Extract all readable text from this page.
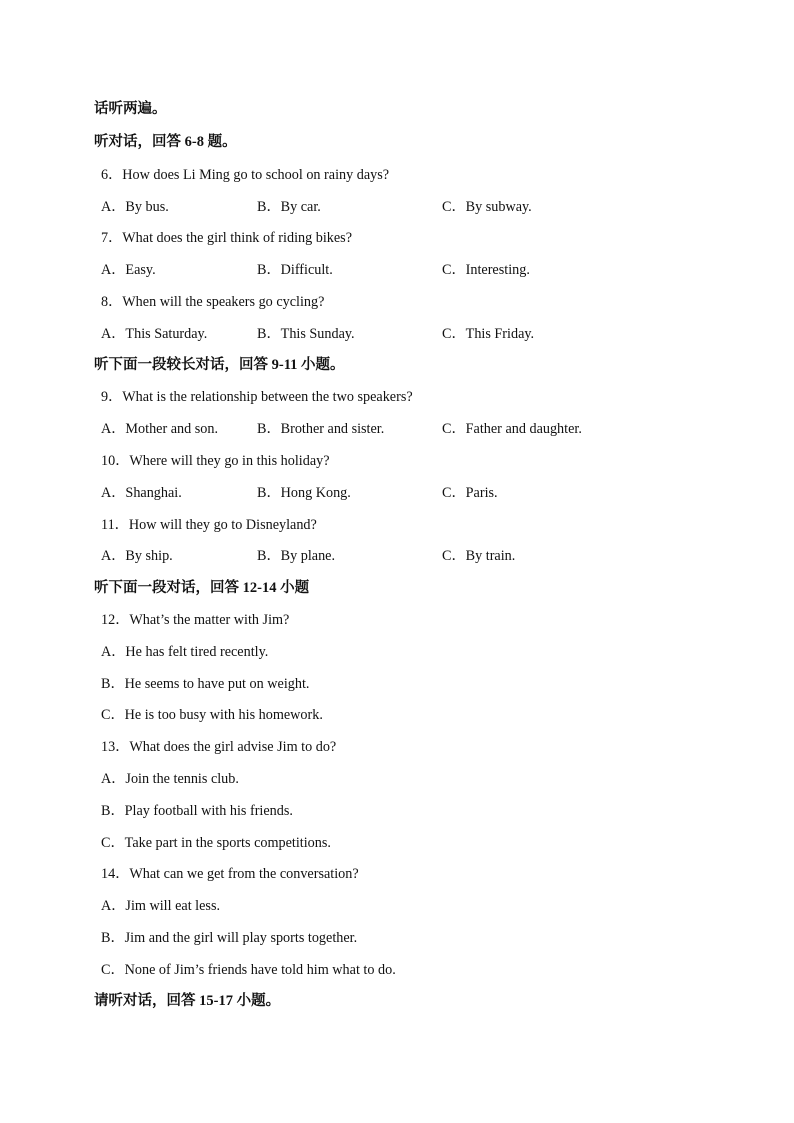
话听两遍。
听对话，回答 6-8 题。
6．How does Li Ming go to school on rainy days?
A．By bus.	B．By car.	C．By subway.
7．What does the girl think of riding bikes?
A．Easy.	B．Difficult.	C．Interesting.
8．When will the speakers go cycling?
A．This Saturday.	B．This Sunday.	C．This Friday.
听下面一段较长对话，回答 9-11 小题。
9．What is the relationship between the two speakers?
A．Mother and son.	B．Brother and sister.	C．Father and daughter.
10．Where will they go in this holiday?
A．Shanghai.	B．Hong Kong.	C．Paris.
11．How will they go to Disneyland?
A．By ship.	B．By plane.	C．By train.
听下面一段对话，回答 12-14 小题
12．What’s the matter with Jim?
A．He has felt tired recently.
B．He seems to have put on weight.
C．He is too busy with his homework.
13．What does the girl advise Jim to do?
A．Join the tennis club.
B．Play football with his friends.
C．Take part in the sports competitions.
14．What can we get from the conversation?
A．Jim will eat less.
B．Jim and the girl will play sports together.
C．None of Jim’s friends have told him what to do.
请听对话，回答 15-17 小题。
